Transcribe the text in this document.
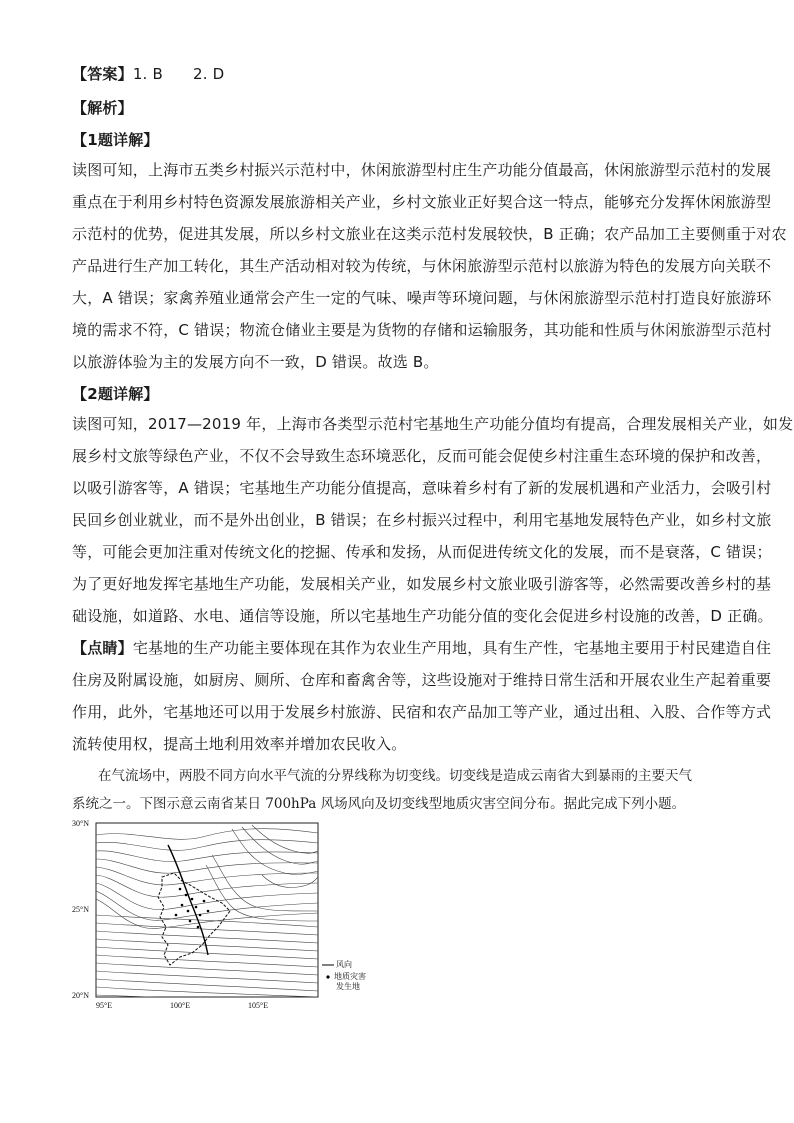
【答案】1. B 2. D
【解析】
【1题详解】
读图可知，上海市五类乡村振兴示范村中，休闲旅游型村庄生产功能分值最高，休闲旅游型示范村的发展
重点在于利用乡村特色资源发展旅游相关产业，乡村文旅业正好契合这一特点，能够充分发挥休闲旅游型
示范村的优势，促进其发展，所以乡村文旅业在这类示范村发展较快，B 正确；农产品加工主要侧重于对农
产品进行生产加工转化，其生产活动相对较为传统，与休闲旅游型示范村以旅游为特色的发展方向关联不
大，A 错误；家禽养殖业通常会产生一定的气味、噪声等环境问题，与休闲旅游型示范村打造良好旅游环
境的需求不符，C 错误；物流仓储业主要是为货物的存储和运输服务，其功能和性质与休闲旅游型示范村
以旅游体验为主的发展方向不一致，D 错误。故选 B。
【2题详解】
读图可知，2017—2019 年，上海市各类型示范村宅基地生产功能分值均有提高，合理发展相关产业，如发
展乡村文旅等绿色产业，不仅不会导致生态环境恶化，反而可能会促使乡村注重生态环境的保护和改善，
以吸引游客等，A 错误；宅基地生产功能分值提高，意味着乡村有了新的发展机遇和产业活力，会吸引村
民回乡创业就业，而不是外出创业，B 错误；在乡村振兴过程中，利用宅基地发展特色产业，如乡村文旅
等，可能会更加注重对传统文化的挖掘、传承和发扬，从而促进传统文化的发展，而不是衰落，C 错误；
为了更好地发挥宅基地生产功能，发展相关产业，如发展乡村文旅业吸引游客等，必然需要改善乡村的基
础设施，如道路、水电、通信等设施，所以宅基地生产功能分值的变化会促进乡村设施的改善，D 正确。
【点睛】宅基地的生产功能主要体现在其作为农业生产用地，具有生产性，宅基地主要用于村民建造自住
住房及附属设施，如厨房、厕所、仓库和畜禽舍等，这些设施对于维持日常生活和开展农业生产起着重要
作用，此外，宅基地还可以用于发展乡村旅游、民宿和农产品加工等产业，通过出租、入股、合作等方式
流转使用权，提高土地利用效率并增加农民收入。
在气流场中，两股不同方向水平气流的分界线称为切变线。切变线是造成云南省大到暴雨的主要天气
系统之一。下图示意云南省某日 700hPa 风场风向及切变线型地质灾害空间分布。据此完成下列小题。
30°N
25°N
20°N
95°E	100°E	105°E
风向
地质灾害
发生地
